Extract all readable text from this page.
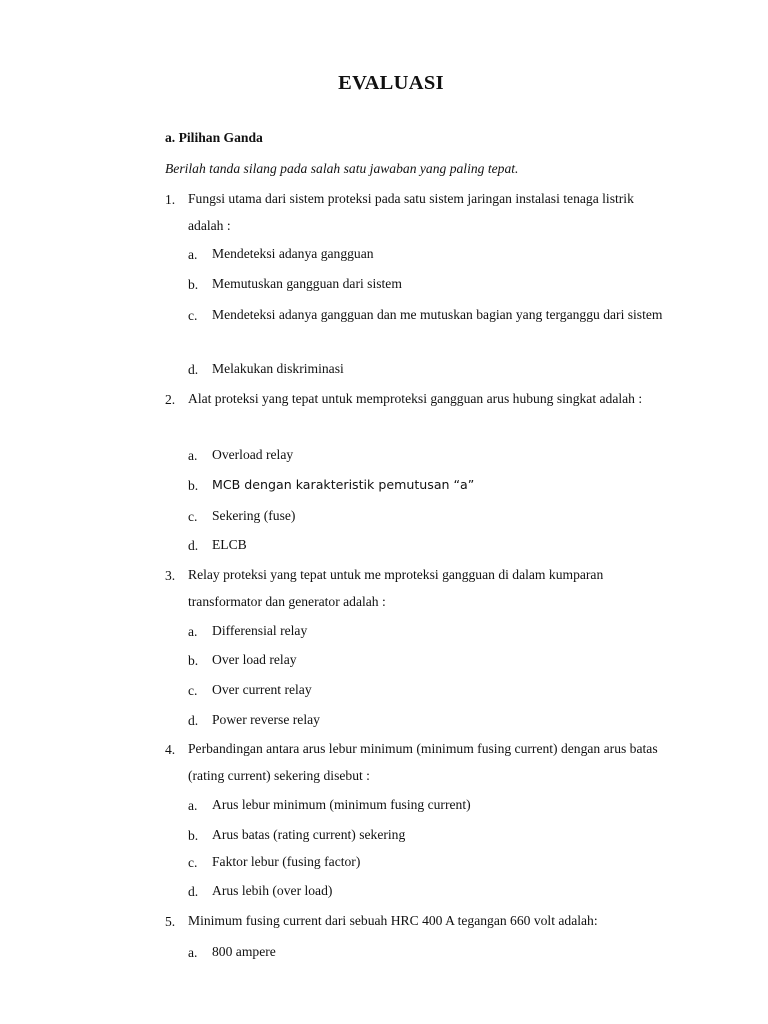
EVALUASI
a. Pilihan Ganda
Berilah tanda silang pada salah satu jawaban yang paling tepat.
1. Fungsi utama dari sistem proteksi pada satu sistem jaringan instalasi tenaga listrik adalah :
a. Mendeteksi adanya gangguan
b. Memutuskan gangguan dari sistem
c. Mendeteksi adanya gangguan dan me mutuskan bagian yang terganggu dari sistem
d. Melakukan diskriminasi
2. Alat proteksi yang tepat untuk memproteksi gangguan arus hubung singkat adalah :
a. Overload relay
b. MCB dengan karakteristik pemutusan “a”
c. Sekering (fuse)
d. ELCB
3. Relay proteksi yang tepat untuk me mproteksi gangguan di dalam kumparan transformator dan generator adalah :
a. Differensial relay
b. Over load relay
c. Over current relay
d. Power reverse relay
4. Perbandingan antara arus lebur minimum (minimum fusing current) dengan arus batas (rating current) sekering disebut :
a. Arus lebur minimum (minimum fusing current)
b. Arus batas (rating current) sekering
c. Faktor lebur (fusing factor)
d. Arus lebih (over load)
5. Minimum fusing current dari sebuah HRC 400 A tegangan 660 volt adalah:
a. 800 ampere
